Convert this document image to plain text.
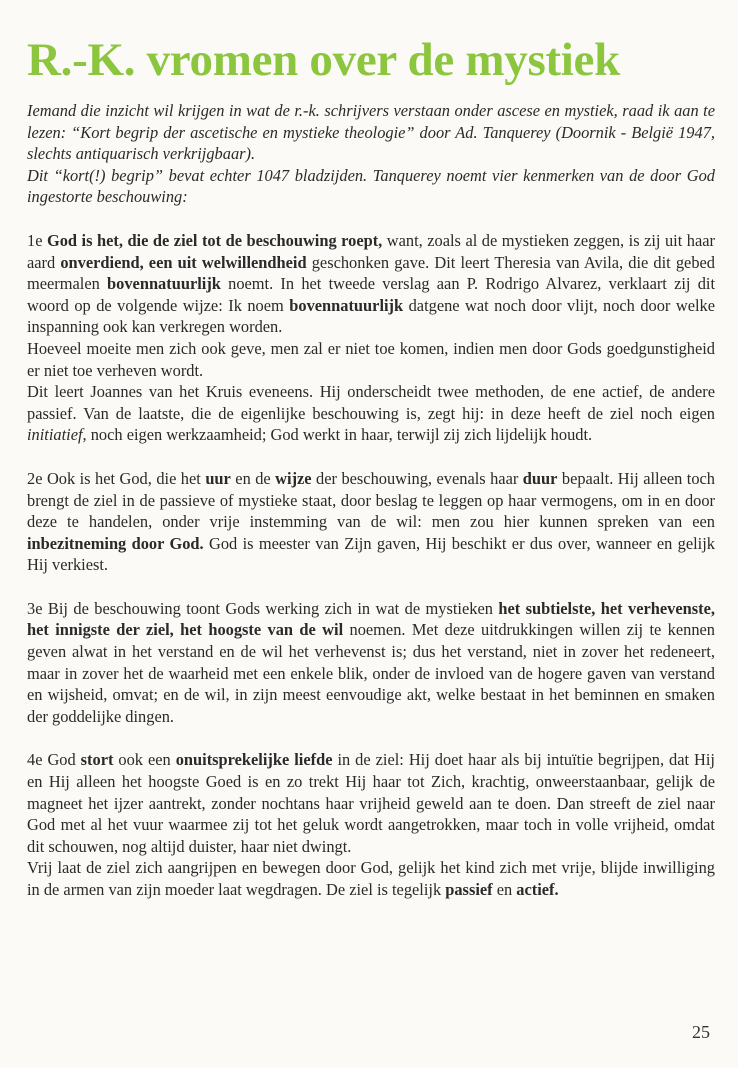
R.-K. vromen over de mystiek

Iemand die inzicht wil krijgen in wat de r.-k. schrijvers verstaan onder ascese en mystiek, raad ik aan te lezen: “Kort begrip der ascetische en mystieke theologie” door Ad. Tanquerey (Doornik - België 1947, slechts antiquarisch verkrijgbaar).

Dit “kort(!) begrip” bevat echter 1047 bladzijden. Tanquerey noemt vier kenmerken van de door God ingestorte beschouwing:

1e God is het, die de ziel tot de beschouwing roept, want, zoals al de mystieken zeggen, is zij uit haar aard onverdiend, een uit welwillendheid geschonken gave. Dit leert Theresia van Avila, die dit gebed meermalen bovennatuurlijk noemt. In het tweede verslag aan P. Rodrigo Alvarez, verklaart zij dit woord op de volgende wijze: Ik noem bovennatuurlijk datgene wat noch door vlijt, noch door welke inspanning ook kan verkregen worden.

Hoeveel moeite men zich ook geve, men zal er niet toe komen, indien men door Gods goedgunstigheid er niet toe verheven wordt.

Dit leert Joannes van het Kruis eveneens. Hij onderscheidt twee methoden, de ene actief, de andere passief. Van de laatste, die de eigenlijke beschouwing is, zegt hij: in deze heeft de ziel noch eigen initiatief, noch eigen werkzaamheid; God werkt in haar, terwijl zij zich lijdelijk houdt.

2e Ook is het God, die het uur en de wijze der beschouwing, evenals haar duur bepaalt. Hij alleen toch brengt de ziel in de passieve of mystieke staat, door beslag te leggen op haar vermogens, om in en door deze te handelen, onder vrije instemming van de wil: men zou hier kunnen spreken van een inbezitneming door God. God is meester van Zijn gaven, Hij beschikt er dus over, wanneer en gelijk Hij verkiest.

3e Bij de beschouwing toont Gods werking zich in wat de mystieken het subtielste, het verhevenste, het innigste der ziel, het hoogste van de wil noemen. Met deze uitdrukkingen willen zij te kennen geven alwat in het verstand en de wil het verhevenst is; dus het verstand, niet in zover het redeneert, maar in zover het de waarheid met een enkele blik, onder de invloed van de hogere gaven van verstand en wijsheid, omvat; en de wil, in zijn meest eenvoudige akt, welke bestaat in het beminnen en smaken der goddelijke dingen.

4e God stort ook een onuitsprekelijke liefde in de ziel: Hij doet haar als bij intuïtie begrijpen, dat Hij en Hij alleen het hoogste Goed is en zo trekt Hij haar tot Zich, krachtig, onweerstaanbaar, gelijk de magneet het ijzer aantrekt, zonder nochtans haar vrijheid geweld aan te doen. Dan streeft de ziel naar God met al het vuur waarmee zij tot het geluk wordt aangetrokken, maar toch in volle vrijheid, omdat dit schouwen, nog altijd duister, haar niet dwingt.

Vrij laat de ziel zich aangrijpen en bewegen door God, gelijk het kind zich met vrije, blijde inwilliging in de armen van zijn moeder laat wegdragen. De ziel is tegelijk passief en actief.

25
